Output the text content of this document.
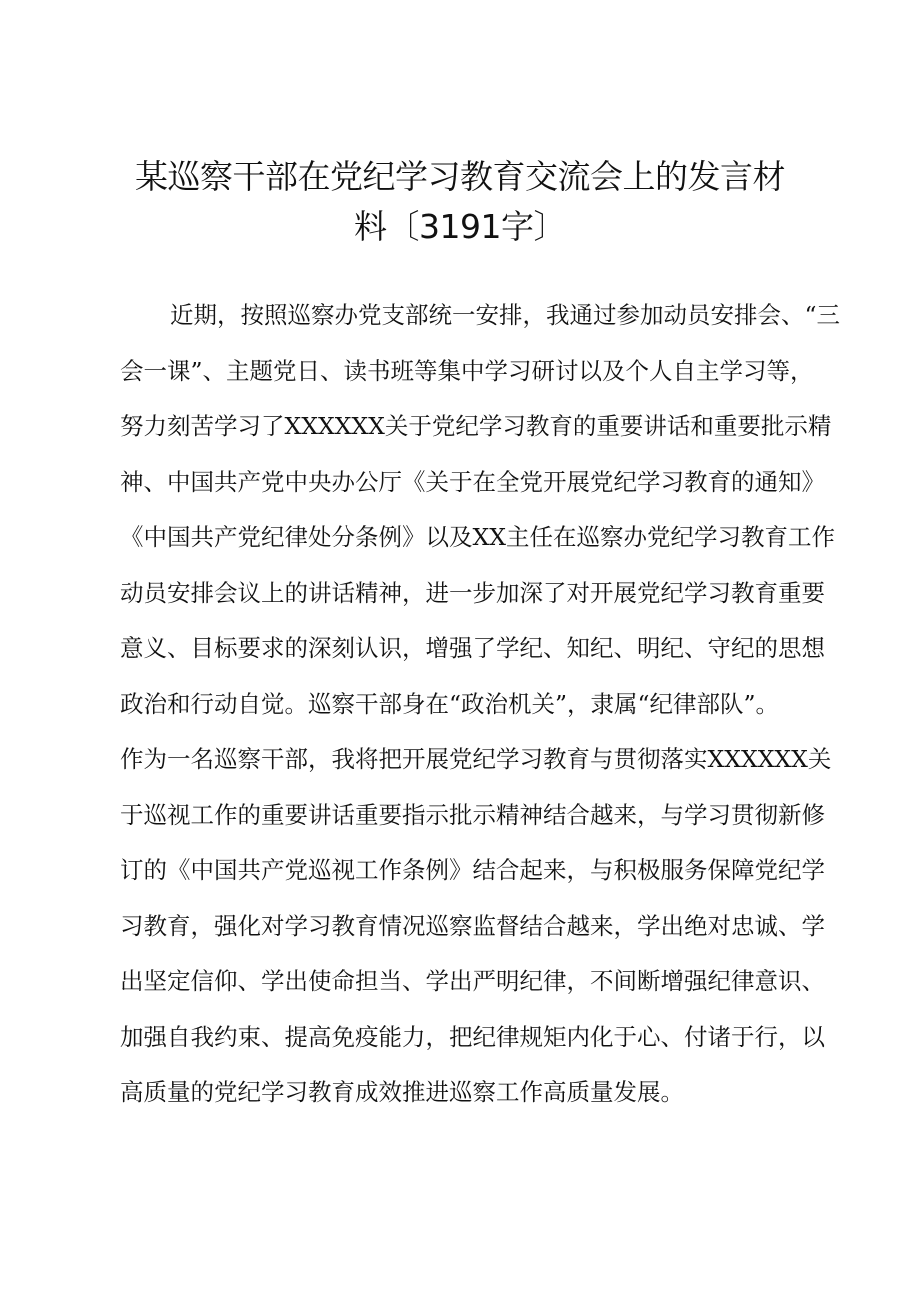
某巡察干部在党纪学习教育交流会上的发言材
料〔3191字〕
近期，按照巡察办党支部统一安排，我通过参加动员安排会、“三
会一课”、主题党日、读书班等集中学习研讨以及个人自主学习等，
努力刻苦学习了XXXXXX关于党纪学习教育的重要讲话和重要批示精
神、中国共产党中央办公厅《关于在全党开展党纪学习教育的通知》
《中国共产党纪律处分条例》以及XX主任在巡察办党纪学习教育工作
动员安排会议上的讲话精神，进一步加深了对开展党纪学习教育重要
意义、目标要求的深刻认识，增强了学纪、知纪、明纪、守纪的思想
政治和行动自觉。巡察干部身在“政治机关”，隶属“纪律部队”。
作为一名巡察干部，我将把开展党纪学习教育与贯彻落实XXXXXX关
于巡视工作的重要讲话重要指示批示精神结合越来，与学习贯彻新修
订的《中国共产党巡视工作条例》结合起来，与积极服务保障党纪学
习教育，强化对学习教育情况巡察监督结合越来，学出绝对忠诚、学
出坚定信仰、学出使命担当、学出严明纪律，不间断增强纪律意识、
加强自我约束、提高免疫能力，把纪律规矩内化于心、付诸于行，以
高质量的党纪学习教育成效推进巡察工作高质量发展。
